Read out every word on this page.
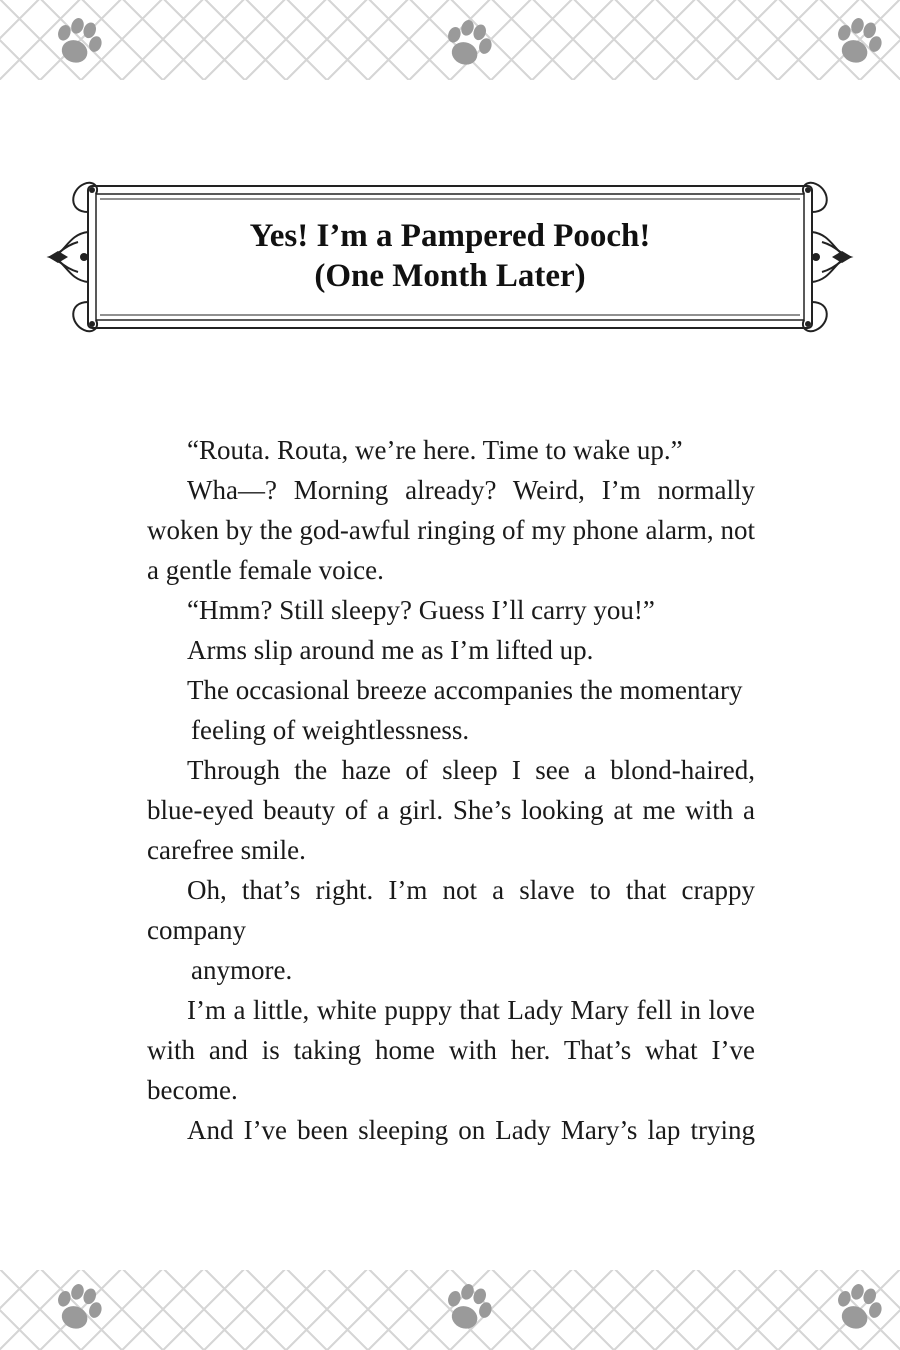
Yes! I’m a Pampered Pooch!
(One Month Later)

“Routa. Routa, we’re here. Time to wake up.”

Wha—? Morning already? Weird, I’m normally woken by the god-awful ringing of my phone alarm, not a gentle female voice.

“Hmm? Still sleepy? Guess I’ll carry you!”

Arms slip around me as I’m lifted up.

The occasional breeze accompanies the momentary

feeling of weightlessness.

Through the haze of sleep I see a blond-haired, blue-eyed beauty of a girl. She’s looking at me with a carefree smile.

Oh, that’s right. I’m not a slave to that crappy company

anymore.

I’m a little, white puppy that Lady Mary fell in love with and is taking home with her. That’s what I’ve become.

And I’ve been sleeping on Lady Mary’s lap trying
